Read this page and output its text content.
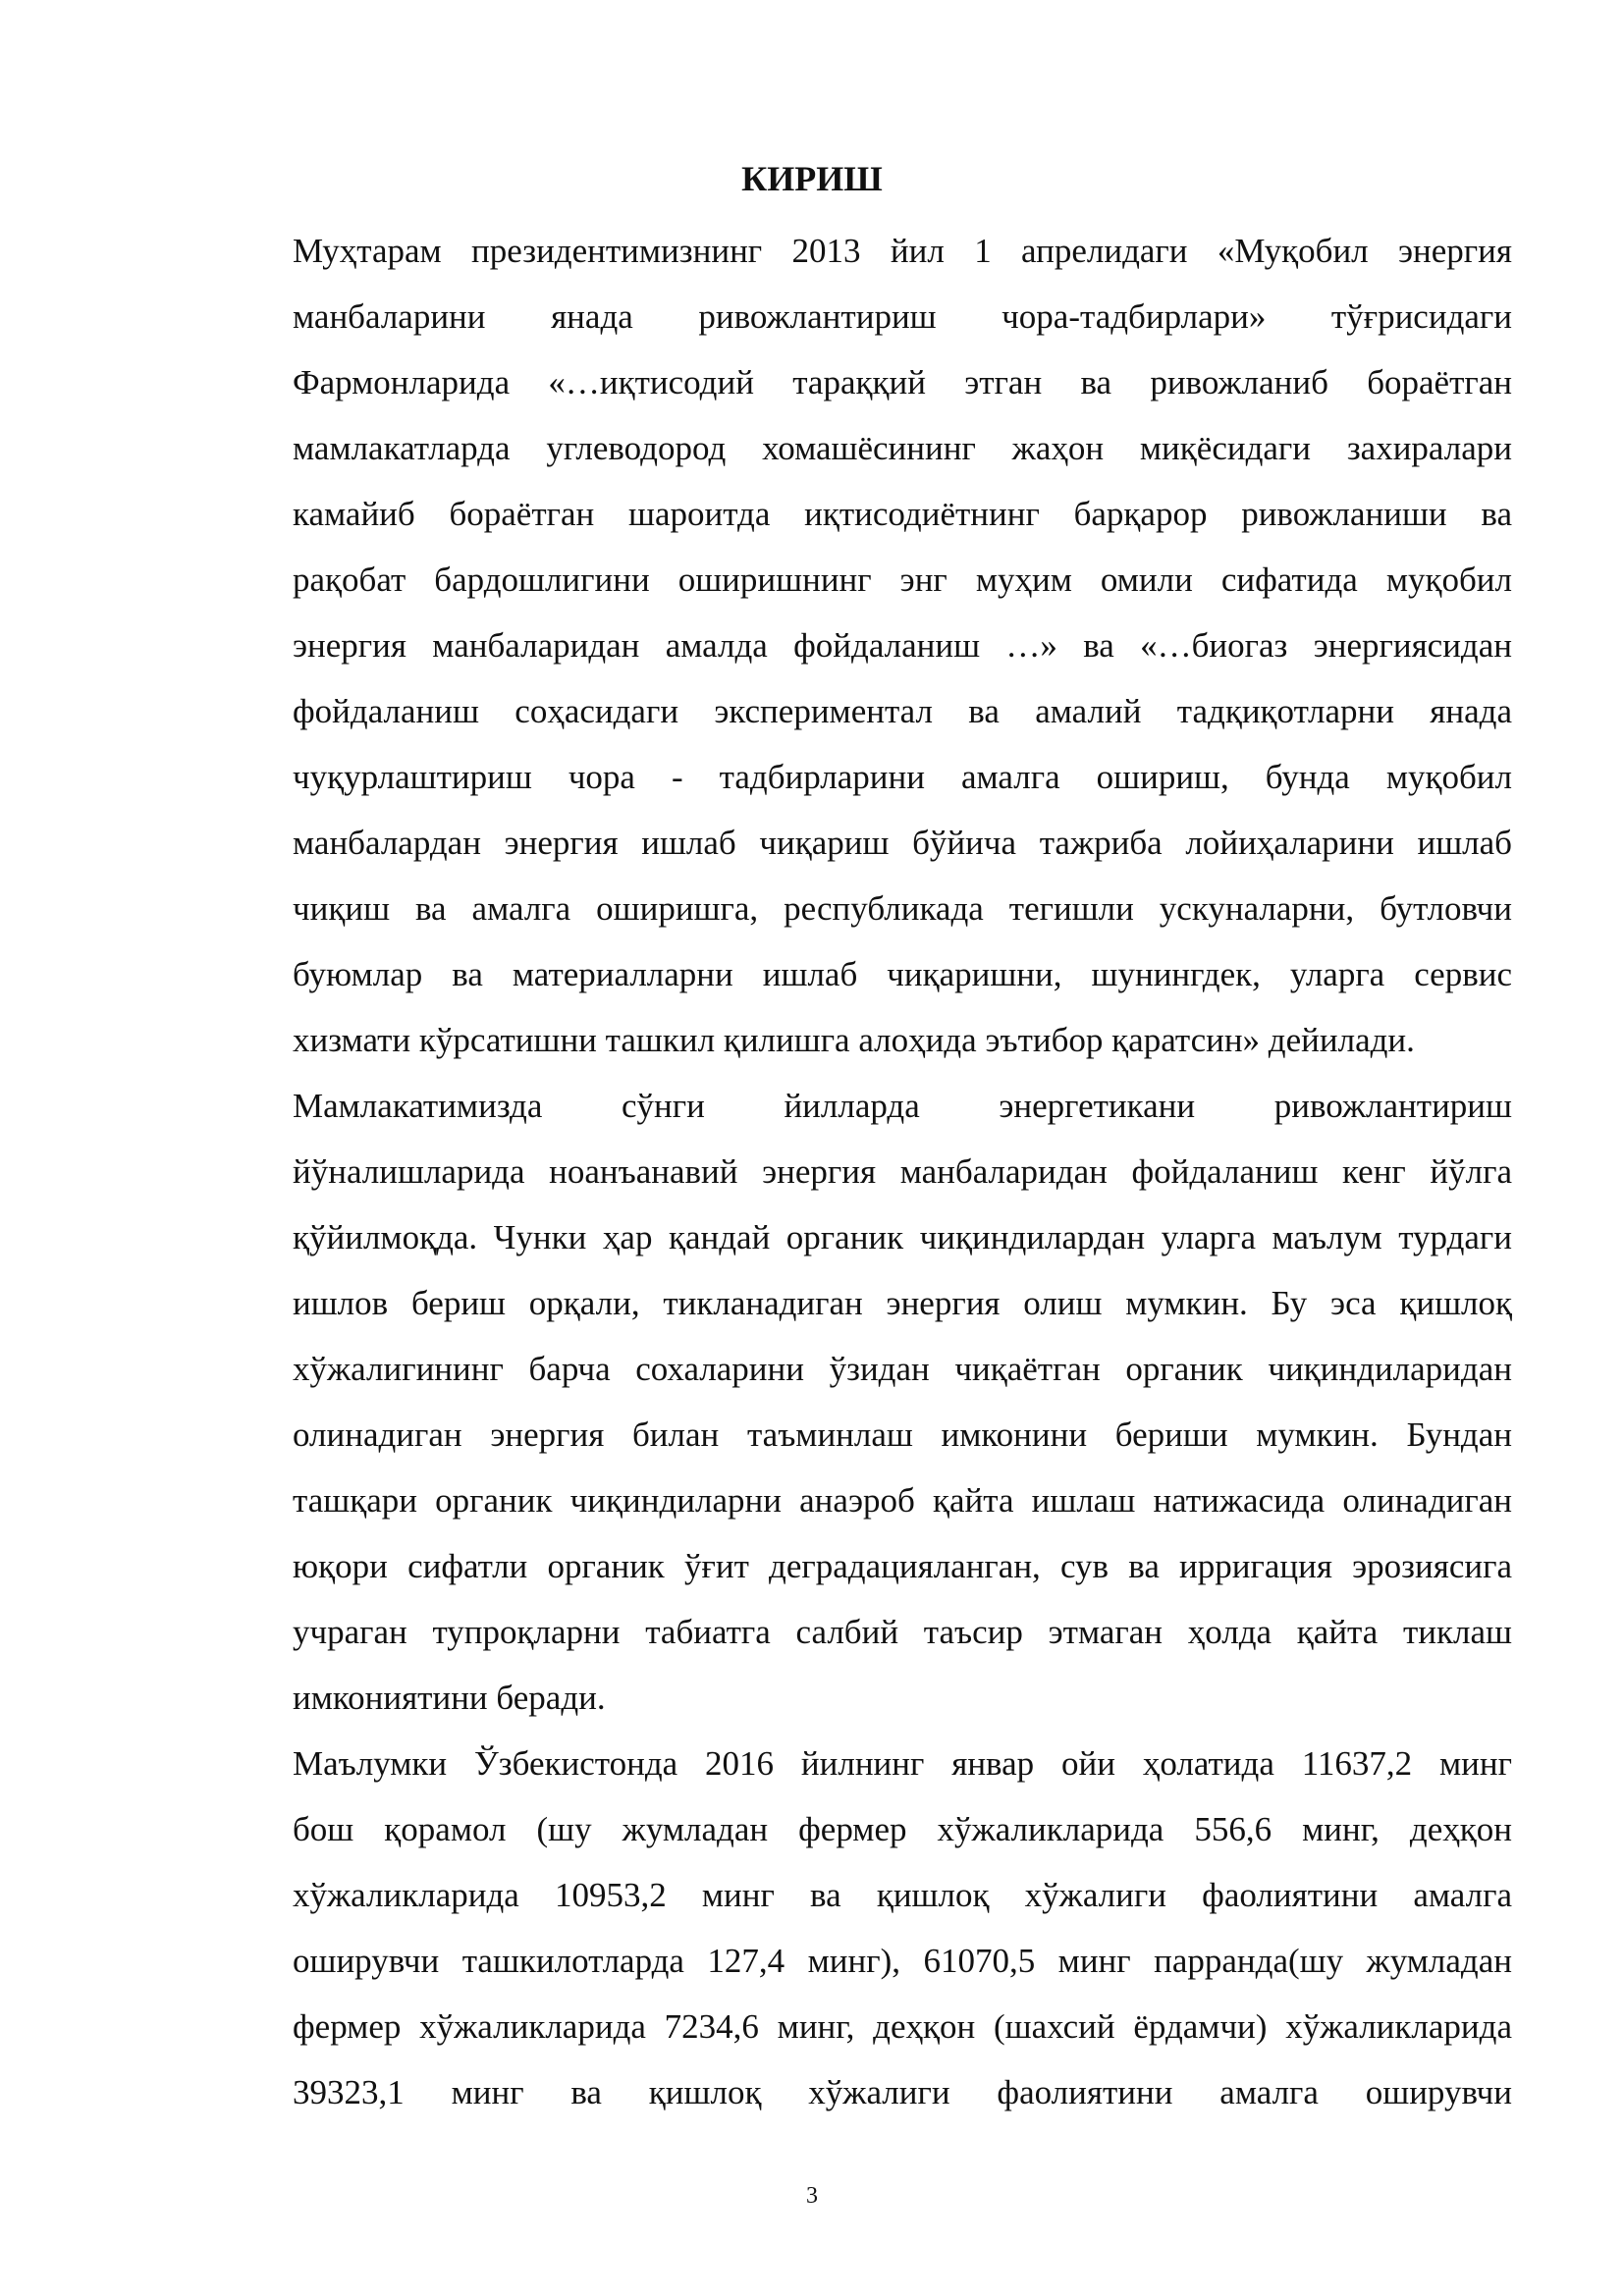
КИРИШ
Муҳтарам президентимизнинг 2013 йил 1 апрелидаги «Муқобил энергия
манбаларини янада ривожлантириш чора-тадбирлари» тўғрисидаги
Фармонларида «…иқтисодий тараққий этган ва ривожланиб бораётган
мамлакатларда углеводород хомашёсининг жаҳон миқёсидаги захиралари
камайиб бораётган шароитда иқтисодиётнинг барқарор ривожланиши ва
рақобат бардошлигини оширишнинг энг муҳим омили сифатида муқобил
энергия манбаларидан амалда фойдаланиш …» ва «…биогаз энергиясидан
фойдаланиш соҳасидаги экспериментал ва амалий тадқиқотларни янада
чуқурлаштириш чора - тадбирларини амалга ошириш, бунда муқобил
манбалардан энергия ишлаб чиқариш бўйича тажриба лойиҳаларини ишлаб
чиқиш ва амалга оширишга, республикада тегишли ускуналарни, бутловчи
буюмлар ва материалларни ишлаб чиқаришни, шунингдек, уларга сервис
хизмати кўрсатишни ташкил қилишга алоҳида эътибор қаратсин» дейилади.
Мамлакатимизда сўнги йилларда энергетикани ривожлантириш
йўналишларида ноанъанавий энергия манбаларидан фойдаланиш кенг йўлга
қўйилмоқда. Чунки ҳар қандай органик чиқиндилардан уларга маълум турдаги
ишлов бериш орқали, тикланадиган энергия олиш мумкин. Бу эса қишлоқ
хўжалигининг барча сохаларини ўзидан чиқаётган органик чиқиндиларидан
олинадиган энергия билан таъминлаш имконини бериши мумкин. Бундан
ташқари органик чиқиндиларни анаэроб қайта ишлаш натижасида олинадиган
юқори сифатли органик ўғит деградацияланган, сув ва ирригация эрозиясига
учраган тупроқларни табиатга салбий таъсир этмаган ҳолда қайта тиклаш
имкониятини беради.
Маълумки Ўзбекистонда 2016 йилнинг январ ойи ҳолатида 11637,2 минг
бош қорамол (шу жумладан фермер хўжаликларида 556,6 минг, деҳқон
хўжаликларида 10953,2 минг ва қишлоқ хўжалиги фаолиятини амалга
оширувчи ташкилотларда 127,4 минг), 61070,5 минг парранда(шу жумладан
фермер хўжаликларида 7234,6 минг, деҳқон (шахсий ёрдамчи) хўжаликларида
39323,1 минг ва қишлоқ хўжалиги фаолиятини амалга оширувчи
3
